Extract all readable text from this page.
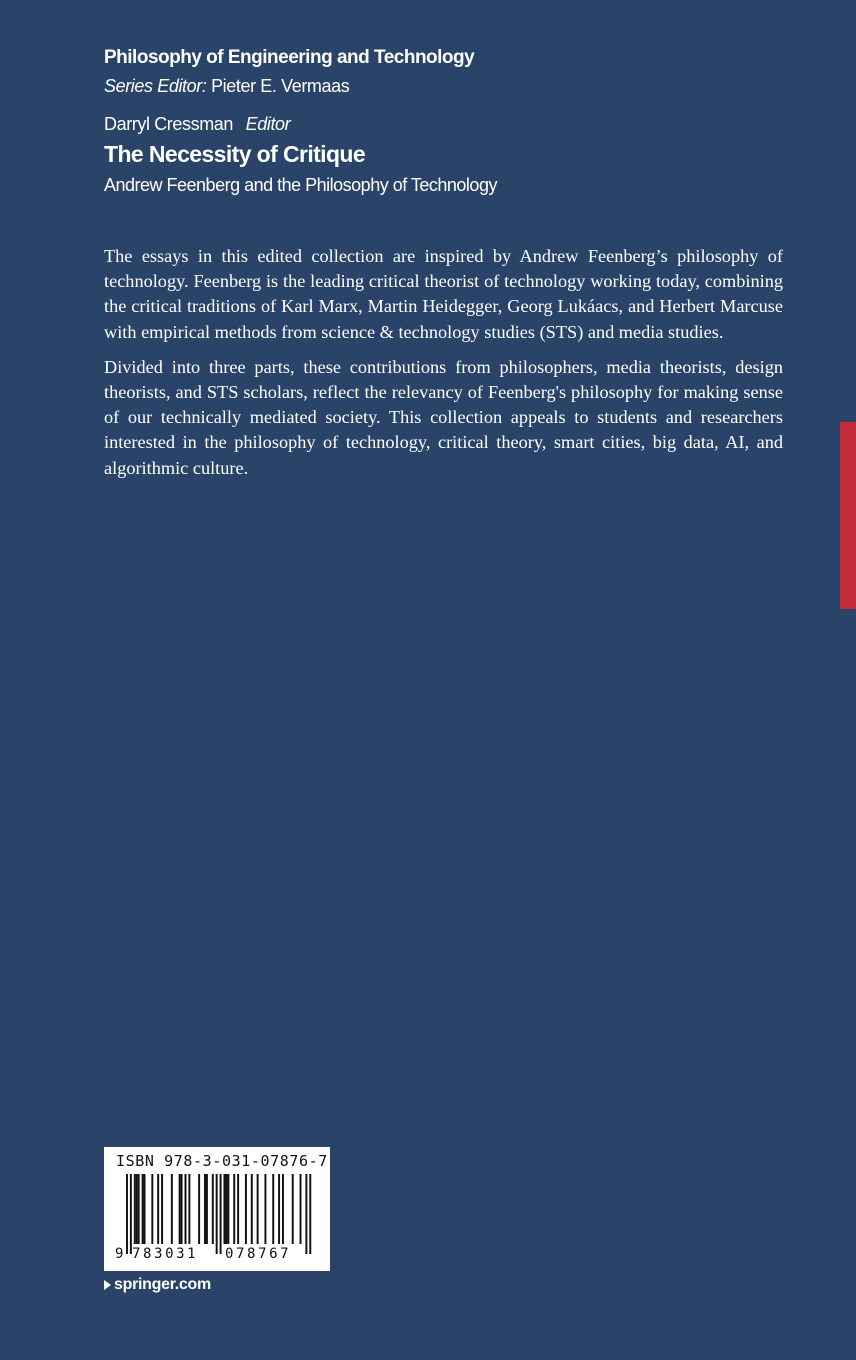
Philosophy of Engineering and Technology
Series Editor: Pieter E. Vermaas
Darryl Cressman Editor
The Necessity of Critique
Andrew Feenberg and the Philosophy of Technology

The essays in this edited collection are inspired by Andrew Feenberg’s philosophy of technology. Feenberg is the leading critical theorist of technology working today, combining the critical traditions of Karl Marx, Martin Heidegger, Georg Lukáacs, and Herbert Marcuse with empirical methods from science & technology studies (STS) and media studies.

Divided into three parts, these contributions from philosophers, media theorists, design theorists, and STS scholars, reflect the relevancy of Feenberg's philosophy for making sense of our technically mediated society. This collection appeals to students and researchers interested in the philosophy of technology, critical theory, smart cities, big data, AI, and algorithmic culture.

ISBN 978-3-031-07876-7
9 783031 078767
springer.com
